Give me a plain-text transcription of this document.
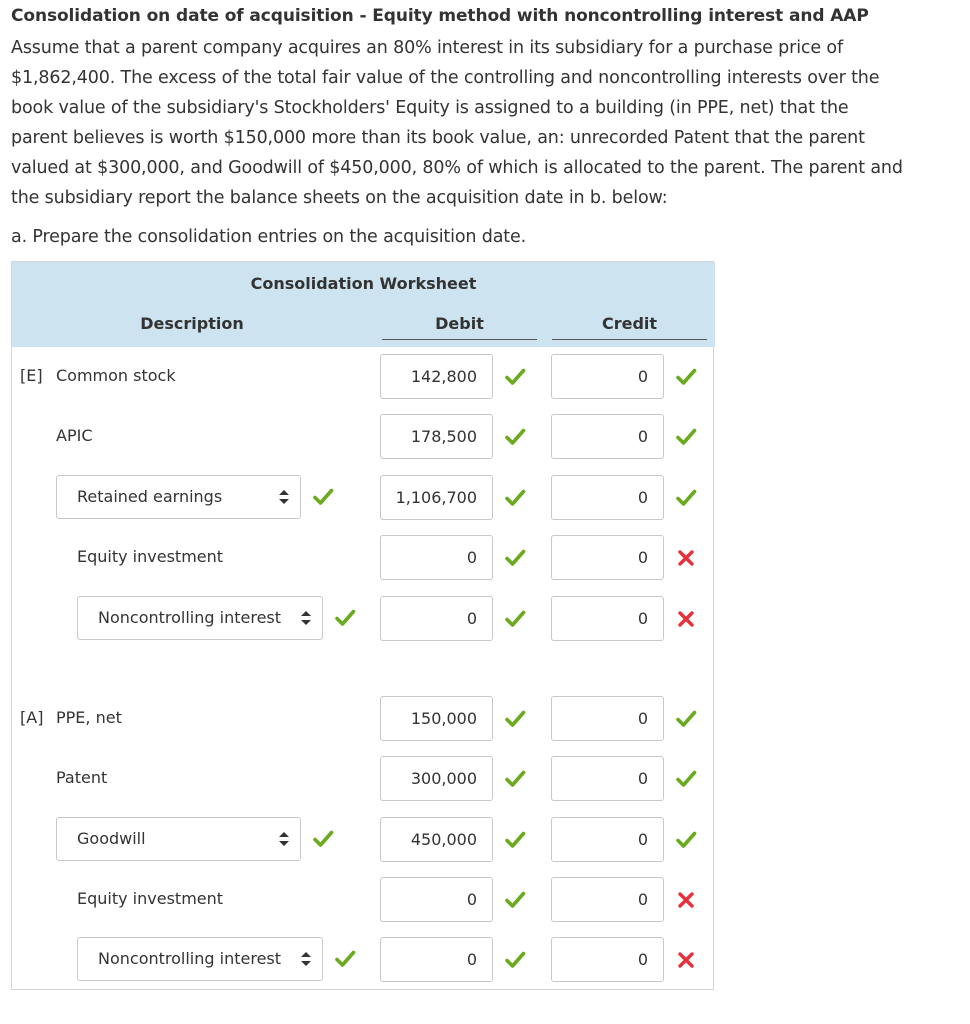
Consolidation on date of acquisition - Equity method with noncontrolling interest and AAP
Assume that a parent company acquires an 80% interest in its subsidiary for a purchase price of
$1,862,400. The excess of the total fair value of the controlling and noncontrolling interests over the
book value of the subsidiary's Stockholders' Equity is assigned to a building (in PPE, net) that the
parent believes is worth $150,000 more than its book value, an: unrecorded Patent that the parent
valued at $300,000, and Goodwill of $450,000, 80% of which is allocated to the parent. The parent and
the subsidiary report the balance sheets on the acquisition date in b. below:
a. Prepare the consolidation entries on the acquisition date.
Consolidation Worksheet
Description	Debit	Credit
[E] Common stock	142,800	0
APIC	178,500	0
Retained earnings	1,106,700	0
Equity investment	0	0
Noncontrolling interest	0	0
[A] PPE, net	150,000	0
Patent	300,000	0
Goodwill	450,000	0
Equity investment	0	0
Noncontrolling interest	0	0
